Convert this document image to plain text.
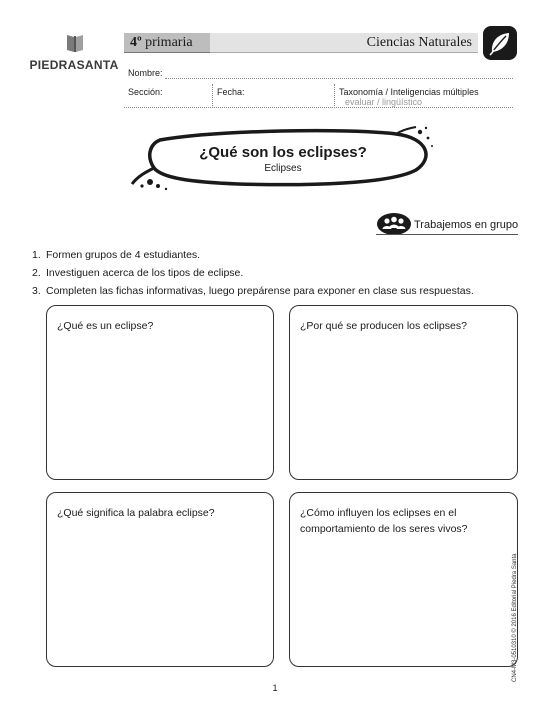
PIEDRASANTA
4º primaria	Ciencias Naturales
Nombre:
Sección:	Fecha:	Taxonomía / Inteligencias múltiples
evaluar / lingüístico
¿Qué son los eclipses?
Eclipses
Trabajemos en grupo
1. Formen grupos de 4 estudiantes.
2. Investiguen acerca de los tipos de eclipse.
3. Completen las fichas informativas, luego prepárense para exponer en clase sus respuestas.
¿Qué es un eclipse?	¿Por qué se producen los eclipses?
¿Qué significa la palabra eclipse?	¿Cómo influyen los eclipses en el comportamiento de los seres vivos?
CN4-M3-0510310 © 2016 Editorial Piedra Santa
1
